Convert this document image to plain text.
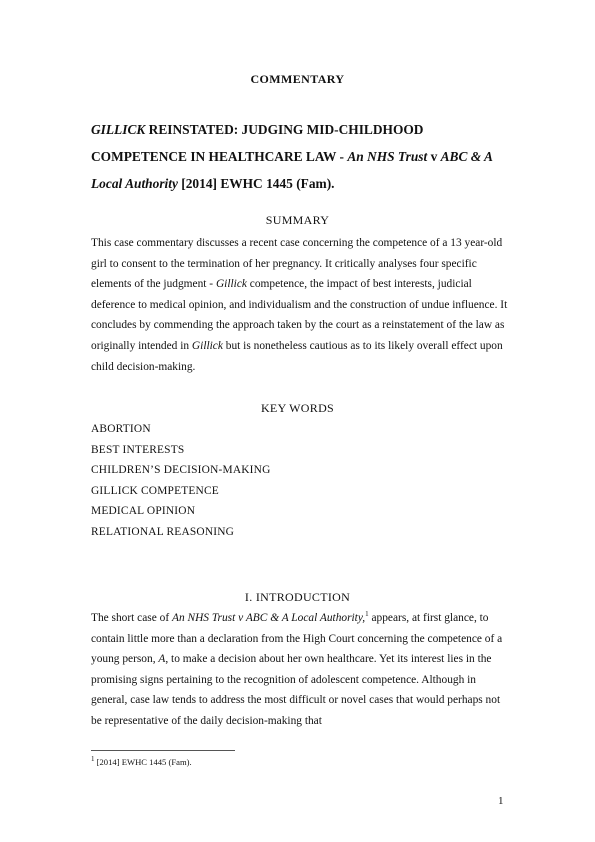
COMMENTARY
GILLICK REINSTATED: JUDGING MID-CHILDHOOD COMPETENCE IN HEALTHCARE LAW - An NHS Trust v ABC & A Local Authority [2014] EWHC 1445 (Fam).
SUMMARY

This case commentary discusses a recent case concerning the competence of a 13 year-old girl to consent to the termination of her pregnancy. It critically analyses four specific elements of the judgment - Gillick competence, the impact of best interests, judicial deference to medical opinion, and individualism and the construction of undue influence. It concludes by commending the approach taken by the court as a reinstatement of the law as originally intended in Gillick but is nonetheless cautious as to its likely overall effect upon child decision-making.

KEY WORDS
ABORTION
BEST INTERESTS
CHILDREN’S DECISION-MAKING
GILLICK COMPETENCE
MEDICAL OPINION
RELATIONAL REASONING
I. INTRODUCTION

The short case of An NHS Trust v ABC & A Local Authority,$^1$ appears, at first glance, to contain little more than a declaration from the High Court concerning the competence of a young person, A, to make a decision about her own healthcare. Yet its interest lies in the promising signs pertaining to the recognition of adolescent competence. Although in general, case law tends to address the most difficult or novel cases that would perhaps not be representative of the daily decision-making that

$^1$ [2014] EWHC 1445 (Fam).
1
